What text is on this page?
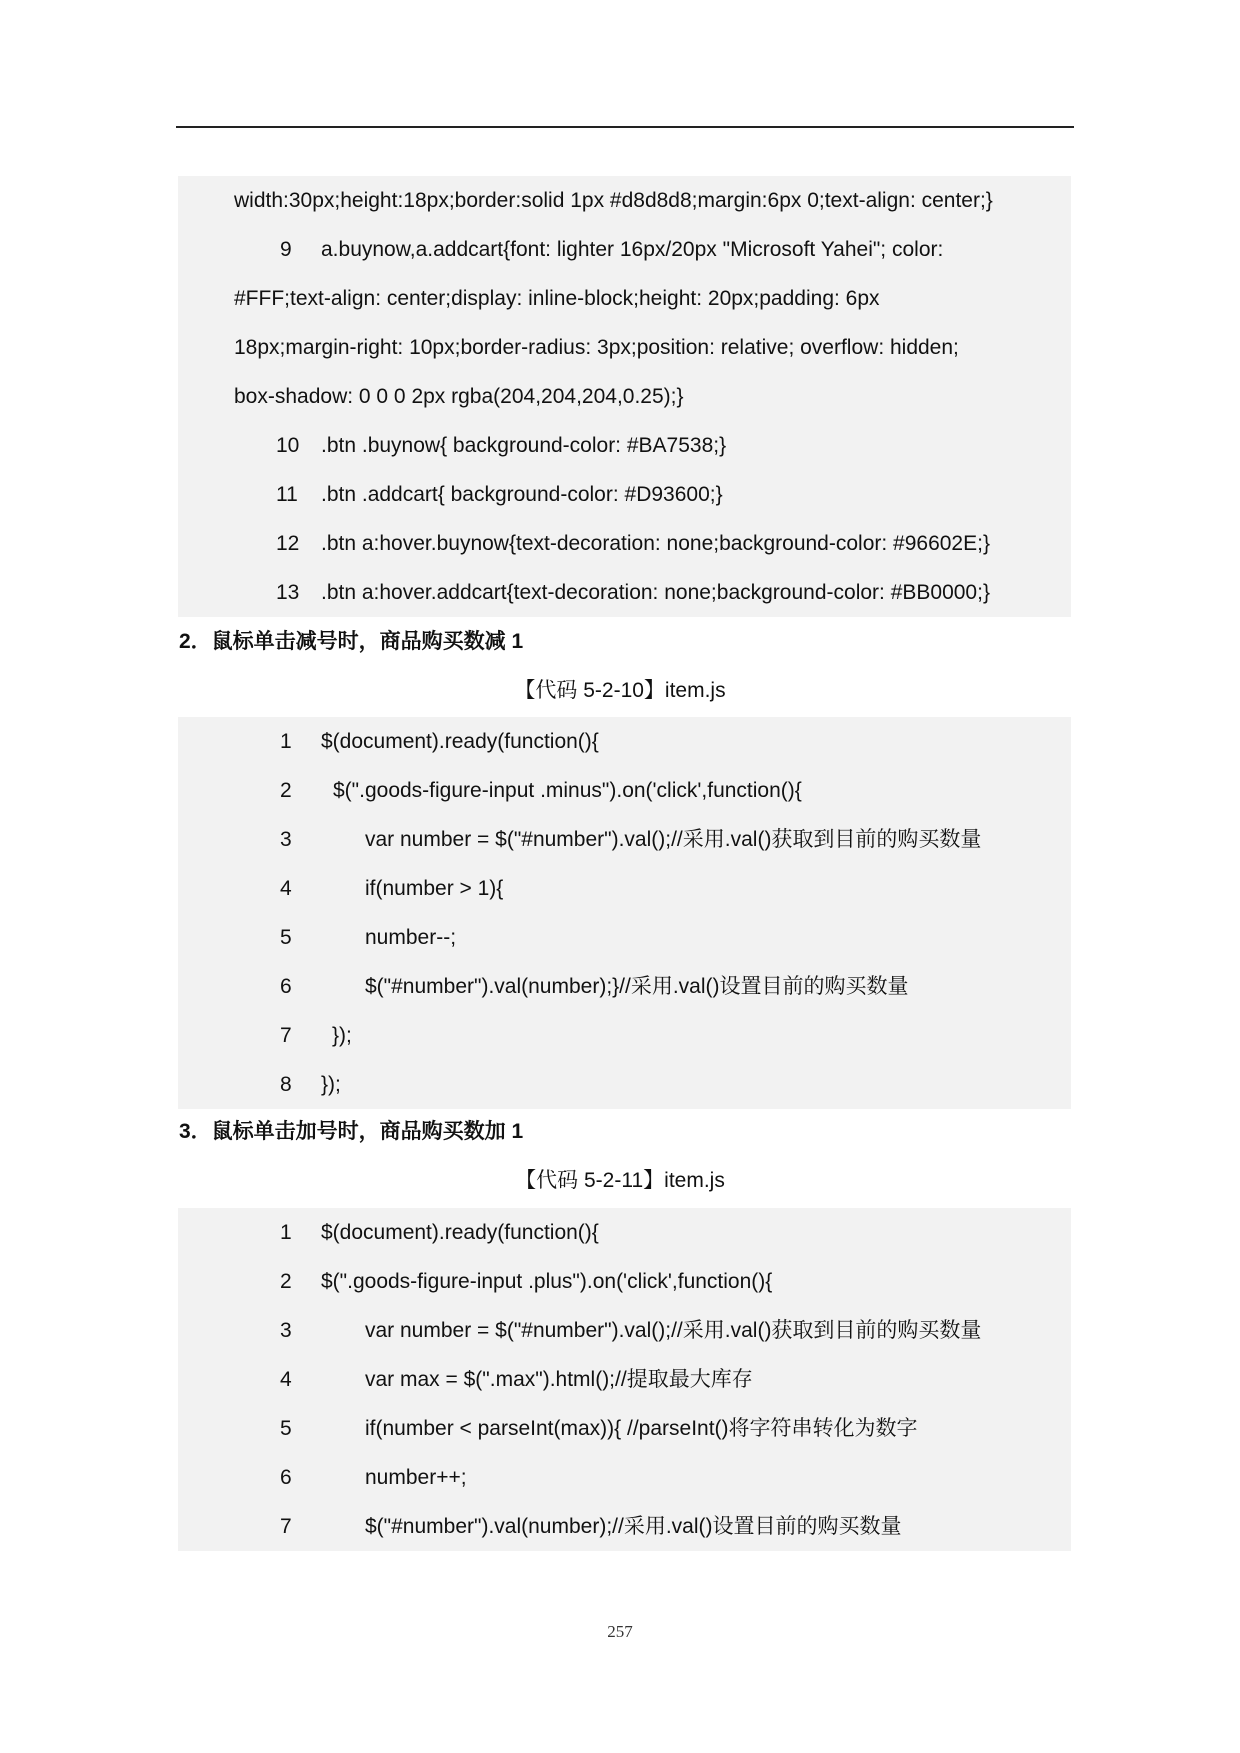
width:30px;height:18px;border:solid 1px #d8d8d8;margin:6px 0;text-align: center;}
9 a.buynow,a.addcart{font: lighter 16px/20px "Microsoft Yahei"; color:
#FFF;text-align: center;display: inline-block;height: 20px;padding: 6px
18px;margin-right: 10px;border-radius: 3px;position: relative; overflow: hidden;
box-shadow: 0 0 0 2px rgba(204,204,204,0.25);}
10 .btn .buynow{ background-color: #BA7538;}
11 .btn .addcart{ background-color: #D93600;}
12 .btn a:hover.buynow{text-decoration: none;background-color: #96602E;}
13 .btn a:hover.addcart{text-decoration: none;background-color: #BB0000;}
2．鼠标单击减号时，商品购买数减 1
【代码 5-2-10】item.js
1 $(document).ready(function(){
2 $(".goods-figure-input .minus").on('click',function(){
3	var number = $("#number").val();//采用.val()获取到目前的购买数量
4	if(number > 1){
5	number--;
6	$("#number").val(number);}//采用.val()设置目前的购买数量
7 });
8 });
3．鼠标单击加号时，商品购买数加 1
【代码 5-2-11】item.js
1 $(document).ready(function(){
2 $(".goods-figure-input .plus").on('click',function(){
3	var number = $("#number").val();//采用.val()获取到目前的购买数量
4	var max = $(".max").html();//提取最大库存
5	if(number < parseInt(max)){ //parseInt()将字符串转化为数字
6	number++;
7	$("#number").val(number);//采用.val()设置目前的购买数量
257
